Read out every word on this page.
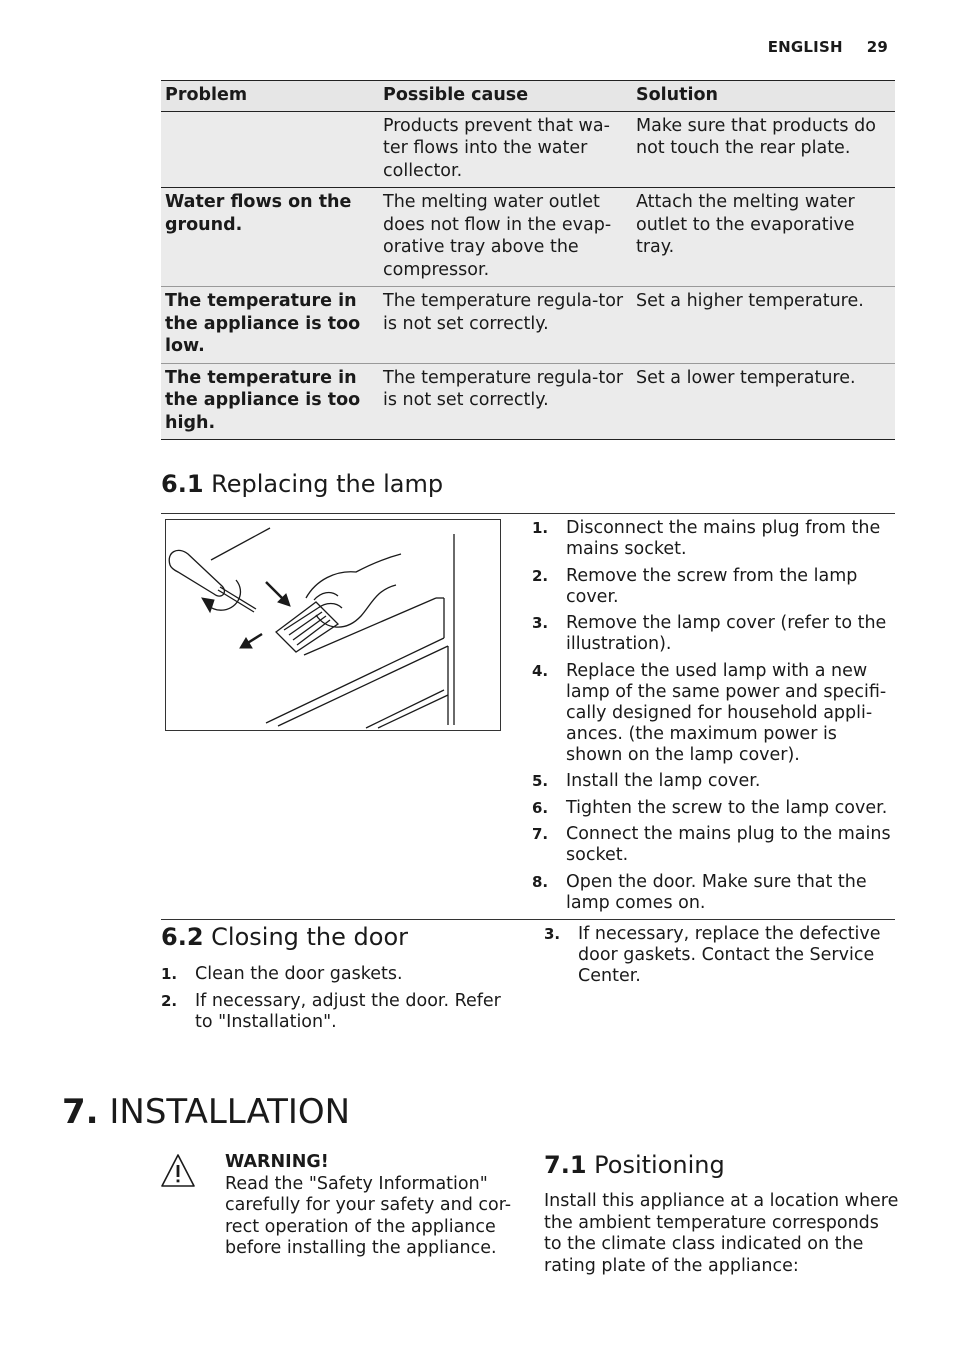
ENGLISH 29
Problem	Possible cause	Solution
	Products prevent that wa-ter flows into the water collector.	Make sure that products do not touch the rear plate.
Water flows on the ground.	The melting water outlet does not flow in the evap-orative tray above the compressor.	Attach the melting water outlet to the evaporative tray.
The temperature in the appliance is too low.	The temperature regula-tor is not set correctly.	Set a higher temperature.
The temperature in the appliance is too high.	The temperature regula-tor is not set correctly.	Set a lower temperature.
6.1 Replacing the lamp
1. Disconnect the mains plug from the mains socket.
2. Remove the screw from the lamp cover.
3. Remove the lamp cover (refer to the illustration).
4. Replace the used lamp with a new lamp of the same power and specifi-cally designed for household appli-ances. (the maximum power is shown on the lamp cover).
5. Install the lamp cover.
6. Tighten the screw to the lamp cover.
7. Connect the mains plug to the mains socket.
8. Open the door. Make sure that the lamp comes on.
6.2 Closing the door
1. Clean the door gaskets.
2. If necessary, adjust the door. Refer to "Installation".
3. If necessary, replace the defective door gaskets. Contact the Service Center.
7. INSTALLATION
WARNING!
Read the "Safety Information" carefully for your safety and cor-rect operation of the appliance before installing the appliance.
7.1 Positioning
Install this appliance at a location where the ambient temperature corresponds to the climate class indicated on the rating plate of the appliance:
